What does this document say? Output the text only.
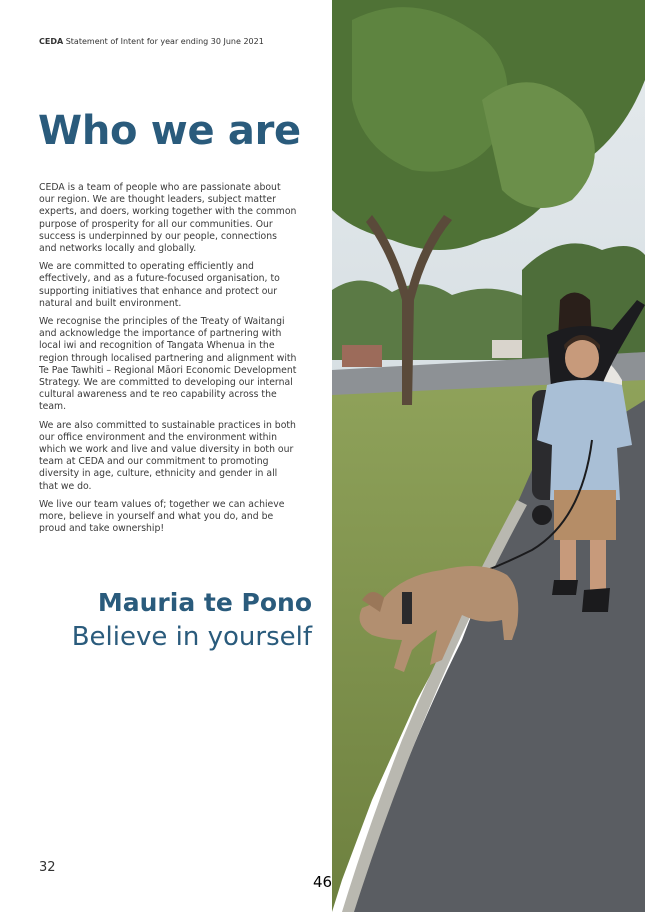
CEDA Statement of Intent for year ending 30 June 2021
Who we are

CEDA is a team of people who are passionate about our region. We are thought leaders, subject matter experts, and doers, working together with the common purpose of prosperity for all our communities. Our success is underpinned by our people, connections and networks locally and globally.

We are committed to operating efficiently and effectively, and as a future-focused organisation, to supporting initiatives that enhance and protect our natural and built environment.

We recognise the principles of the Treaty of Waitangi and acknowledge the importance of partnering with local iwi and recognition of Tangata Whenua in the region through localised partnering and alignment with Te Pae Tawhiti – Regional Māori Economic Development Strategy. We are committed to developing our internal cultural awareness and te reo capability across the team.

We are also committed to sustainable practices in both our office environment and the environment within which we work and live and value diversity in both our team at CEDA and our commitment to promoting diversity in age, culture, ethnicity and gender in all that we do.

We live our team values of; together we can achieve more, believe in yourself and what you do, and be proud and take ownership!

Mauria te Pono
Believe in yourself
32
46
